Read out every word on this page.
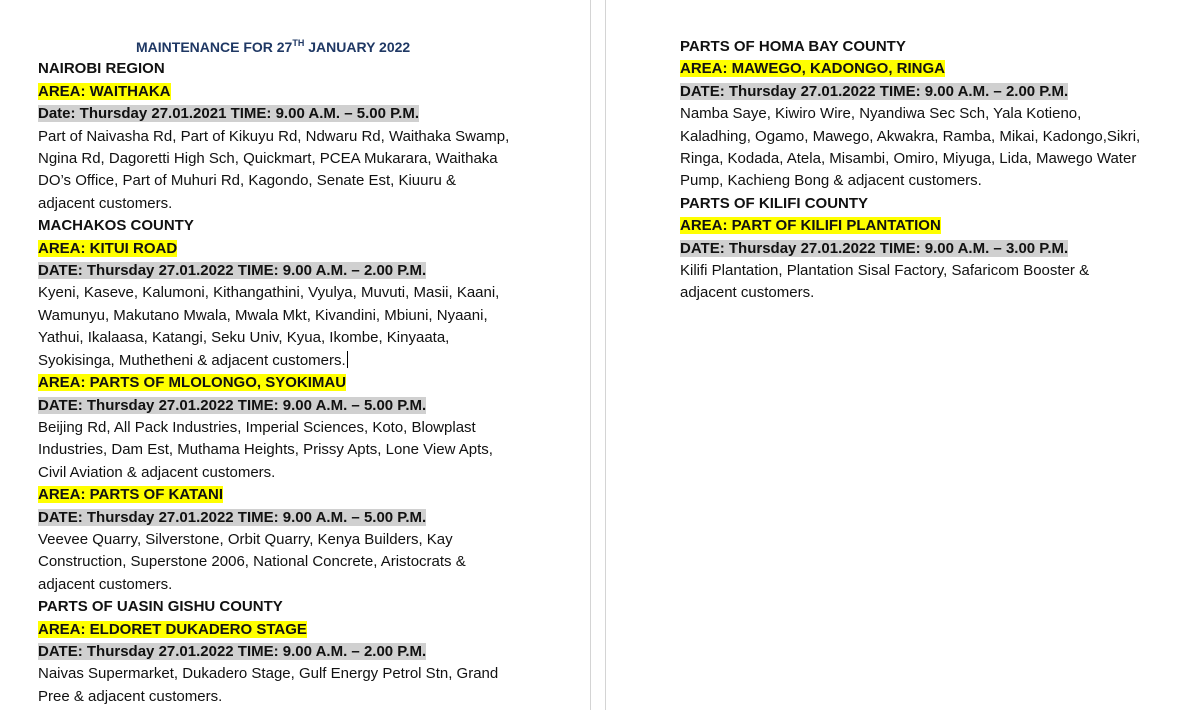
MAINTENANCE FOR 27TH JANUARY 2022
NAIROBI REGION
AREA: WAITHAKA
Date: Thursday 27.01.2021 TIME: 9.00 A.M. – 5.00 P.M.
Part of Naivasha Rd, Part of Kikuyu Rd, Ndwaru Rd, Waithaka Swamp,
Ngina Rd, Dagoretti High Sch, Quickmart, PCEA Mukarara, Waithaka
DO’s Office, Part of Muhuri Rd, Kagondo, Senate Est, Kiuuru &
adjacent customers.
MACHAKOS COUNTY
AREA: KITUI ROAD
DATE: Thursday 27.01.2022 TIME: 9.00 A.M. – 2.00 P.M.
Kyeni, Kaseve, Kalumoni, Kithangathini, Vyulya, Muvuti, Masii, Kaani,
Wamunyu, Makutano Mwala, Mwala Mkt, Kivandini, Mbiuni, Nyaani,
Yathui, Ikalaasa, Katangi, Seku Univ, Kyua, Ikombe, Kinyaata,
Syokisinga, Muthetheni & adjacent customers.
AREA: PARTS OF MLOLONGO, SYOKIMAU
DATE: Thursday 27.01.2022 TIME: 9.00 A.M. – 5.00 P.M.
Beijing Rd, All Pack Industries, Imperial Sciences, Koto, Blowplast
Industries, Dam Est, Muthama Heights, Prissy Apts, Lone View Apts,
Civil Aviation & adjacent customers.
AREA: PARTS OF KATANI
DATE: Thursday 27.01.2022 TIME: 9.00 A.M. – 5.00 P.M.
Veevee Quarry, Silverstone, Orbit Quarry, Kenya Builders, Kay
Construction, Superstone 2006, National Concrete, Aristocrats &
adjacent customers.
PARTS OF UASIN GISHU COUNTY
AREA: ELDORET DUKADERO STAGE
DATE: Thursday 27.01.2022 TIME: 9.00 A.M. – 2.00 P.M.
Naivas Supermarket, Dukadero Stage, Gulf Energy Petrol Stn, Grand
Pree & adjacent customers.
PARTS OF HOMA BAY COUNTY
AREA: MAWEGO, KADONGO, RINGA
DATE: Thursday 27.01.2022 TIME: 9.00 A.M. – 2.00 P.M.
Namba Saye, Kiwiro Wire, Nyandiwa Sec Sch, Yala Kotieno,
Kaladhing, Ogamo, Mawego, Akwakra, Ramba, Mikai, Kadongo,Sikri,
Ringa, Kodada, Atela, Misambi, Omiro, Miyuga, Lida, Mawego Water
Pump, Kachieng Bong & adjacent customers.
PARTS OF KILIFI COUNTY
AREA: PART OF KILIFI PLANTATION
DATE: Thursday 27.01.2022 TIME: 9.00 A.M. – 3.00 P.M.
Kilifi Plantation, Plantation Sisal Factory, Safaricom Booster &
adjacent customers.
